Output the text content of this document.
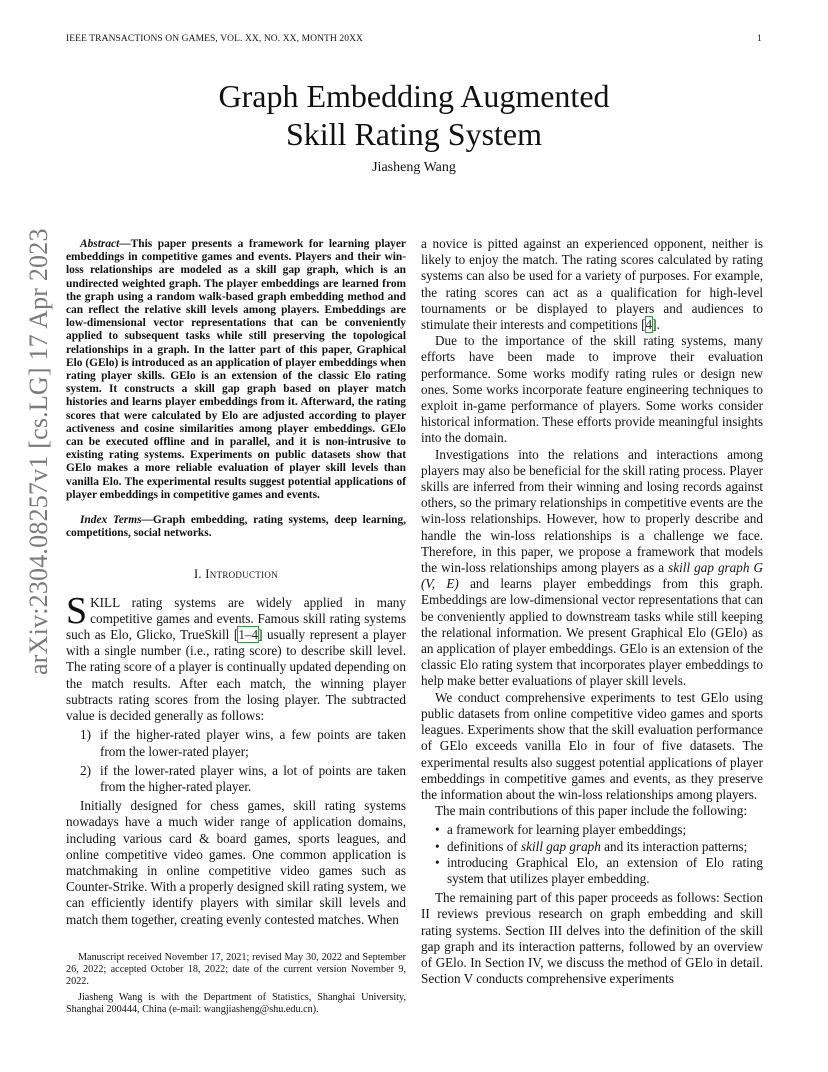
IEEE TRANSACTIONS ON GAMES, VOL. XX, NO. XX, MONTH 20XX	1
arXiv:2304.08257v1 [cs.LG] 17 Apr 2023
Graph Embedding Augmented
Skill Rating System
Jiasheng Wang

Abstract—This paper presents a framework for learning player embeddings in competitive games and events. Players and their win-loss relationships are modeled as a skill gap graph, which is an undirected weighted graph. The player embeddings are learned from the graph using a random walk-based graph embedding method and can reflect the relative skill levels among players. Embeddings are low-dimensional vector representations that can be conveniently applied to subsequent tasks while still preserving the topological relationships in a graph. In the latter part of this paper, Graphical Elo (GElo) is introduced as an application of player embeddings when rating player skills. GElo is an extension of the classic Elo rating system. It constructs a skill gap graph based on player match histories and learns player embeddings from it. Afterward, the rating scores that were calculated by Elo are adjusted according to player activeness and cosine similarities among player embeddings. GElo can be executed offline and in parallel, and it is non-intrusive to existing rating systems. Experiments on public datasets show that GElo makes a more reliable evaluation of player skill levels than vanilla Elo. The experimental results suggest potential applications of player embeddings in competitive games and events.

Index Terms—Graph embedding, rating systems, deep learning, competitions, social networks.

I. Introduction

SKILL rating systems are widely applied in many competitive games and events. Famous skill rating systems such as Elo, Glicko, TrueSkill [1–4] usually represent a player with a single number (i.e., rating score) to describe skill level. The rating score of a player is continually updated depending on the match results. After each match, the winning player subtracts rating scores from the losing player. The subtracted value is decided generally as follows:

1) if the higher-rated player wins, a few points are taken from the lower-rated player;
2) if the lower-rated player wins, a lot of points are taken from the higher-rated player.

Initially designed for chess games, skill rating systems nowadays have a much wider range of application domains, including various card & board games, sports leagues, and online competitive video games. One common application is matchmaking in online competitive video games such as Counter-Strike. With a properly designed skill rating system, we can efficiently identify players with similar skill levels and match them together, creating evenly contested matches. When

Manuscript received November 17, 2021; revised May 30, 2022 and September 26, 2022; accepted October 18, 2022; date of the current version November 9, 2022.

Jiasheng Wang is with the Department of Statistics, Shanghai University, Shanghai 200444, China (e-mail: wangjiasheng@shu.edu.cn).

a novice is pitted against an experienced opponent, neither is likely to enjoy the match. The rating scores calculated by rating systems can also be used for a variety of purposes. For example, the rating scores can act as a qualification for high-level tournaments or be displayed to players and audiences to stimulate their interests and competitions [4].

Due to the importance of the skill rating systems, many efforts have been made to improve their evaluation performance. Some works modify rating rules or design new ones. Some works incorporate feature engineering techniques to exploit in-game performance of players. Some works consider historical information. These efforts provide meaningful insights into the domain.

Investigations into the relations and interactions among players may also be beneficial for the skill rating process. Player skills are inferred from their winning and losing records against others, so the primary relationships in competitive events are the win-loss relationships. However, how to properly describe and handle the win-loss relationships is a challenge we face. Therefore, in this paper, we propose a framework that models the win-loss relationships among players as a skill gap graph G (V, E) and learns player embeddings from this graph. Embeddings are low-dimensional vector representations that can be conveniently applied to downstream tasks while still keeping the relational information. We present Graphical Elo (GElo) as an application of player embeddings. GElo is an extension of the classic Elo rating system that incorporates player embeddings to help make better evaluations of player skill levels.

We conduct comprehensive experiments to test GElo using public datasets from online competitive video games and sports leagues. Experiments show that the skill evaluation performance of GElo exceeds vanilla Elo in four of five datasets. The experimental results also suggest potential applications of player embeddings in competitive games and events, as they preserve the information about the win-loss relationships among players.

The main contributions of this paper include the following:

• a framework for learning player embeddings;
• definitions of skill gap graph and its interaction patterns;
• introducing Graphical Elo, an extension of Elo rating system that utilizes player embedding.

The remaining part of this paper proceeds as follows: Section II reviews previous research on graph embedding and skill rating systems. Section III delves into the definition of the skill gap graph and its interaction patterns, followed by an overview of GElo. In Section IV, we discuss the method of GElo in detail. Section V conducts comprehensive experiments
